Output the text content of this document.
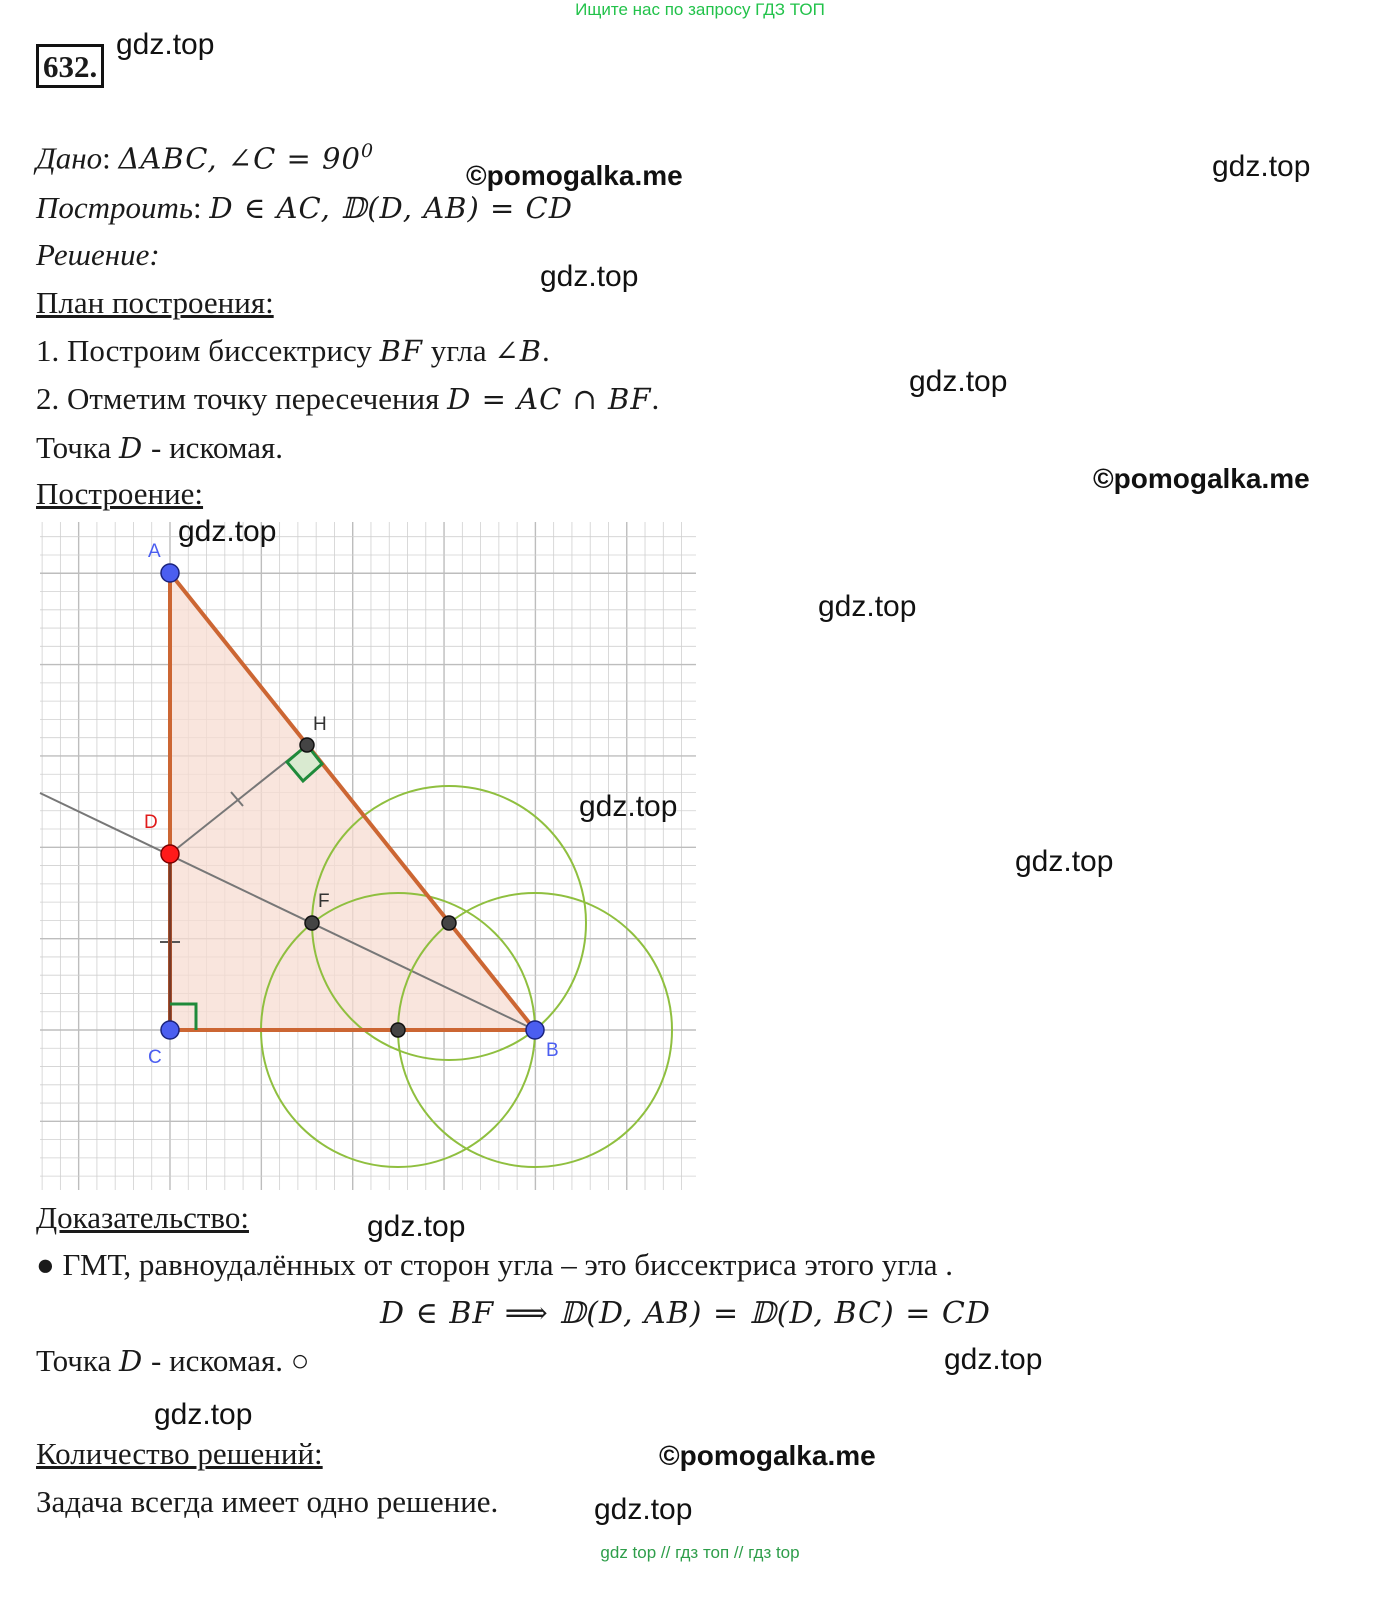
Ищите нас по запросу ГДЗ ТОП
632.
gdz.top
Дано: ΔABC, ∠C = $90^0$
©pomogalka.me	gdz.top
Построить: D ∈ AC, 𝔻(D, AB) = CD
Решение:
gdz.top
План построения:
1. Построим биссектрису BF угла ∠B.
2. Отметим точку пересечения D = AC ∩ BF.	gdz.top
Точка D - искомая.
©pomogalka.me
Построение:
A
B
C
D
H
F
gdz.top
gdz.top
gdz.top
gdz.top
Доказательство:	gdz.top
● ГМТ, равноудалённых от сторон угла – это биссектриса этого угла .
D ∈ BF ⟹ 𝔻(D, AB) = 𝔻(D, BC) = CD
Точка D - искомая. ○	gdz.top
gdz.top
Количество решений:	©pomogalka.me
Задача всегда имеет одно решение.	gdz.top
gdz top // гдз топ // гдз top
